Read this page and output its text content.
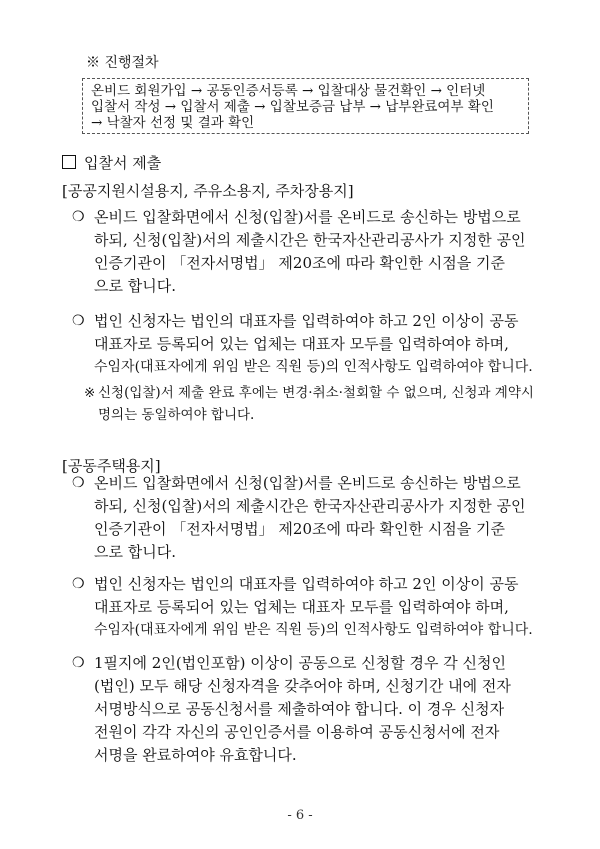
※ 진행절차
온비드 회원가입 → 공동인증서등록 → 입찰대상 물건확인 → 인터넷
입찰서 작성 → 입찰서 제출 → 입찰보증금 납부 → 납부완료여부 확인
→ 낙찰자 선정 및 결과 확인
입찰서 제출
[공공지원시설용지, 주유소용지, 주차장용지]
❍ 온비드 입찰화면에서 신청(입찰)서를 온비드로 송신하는 방법으로
하되, 신청(입찰)서의 제출시간은 한국자산관리공사가 지정한 공인
인증기관이 「전자서명법」 제20조에 따라 확인한 시점을 기준
으로 합니다.
❍ 법인 신청자는 법인의 대표자를 입력하여야 하고 2인 이상이 공동
대표자로 등록되어 있는 업체는 대표자 모두를 입력하여야 하며,
수임자(대표자에게 위임 받은 직원 등)의 인적사항도 입력하여야 합니다.
※ 신청(입찰)서 제출 완료 후에는 변경·취소·철회할 수 없으며, 신청과 계약시
명의는 동일하여야 합니다.
[공동주택용지]
❍ 온비드 입찰화면에서 신청(입찰)서를 온비드로 송신하는 방법으로
하되, 신청(입찰)서의 제출시간은 한국자산관리공사가 지정한 공인
인증기관이 「전자서명법」 제20조에 따라 확인한 시점을 기준
으로 합니다.
❍ 법인 신청자는 법인의 대표자를 입력하여야 하고 2인 이상이 공동
대표자로 등록되어 있는 업체는 대표자 모두를 입력하여야 하며,
수임자(대표자에게 위임 받은 직원 등)의 인적사항도 입력하여야 합니다.
❍ 1필지에 2인(법인포함) 이상이 공동으로 신청할 경우 각 신청인
(법인) 모두 해당 신청자격을 갖추어야 하며, 신청기간 내에 전자
서명방식으로 공동신청서를 제출하여야 합니다. 이 경우 신청자
전원이 각각 자신의 공인인증서를 이용하여 공동신청서에 전자
서명을 완료하여야 유효합니다.
- 6 -
